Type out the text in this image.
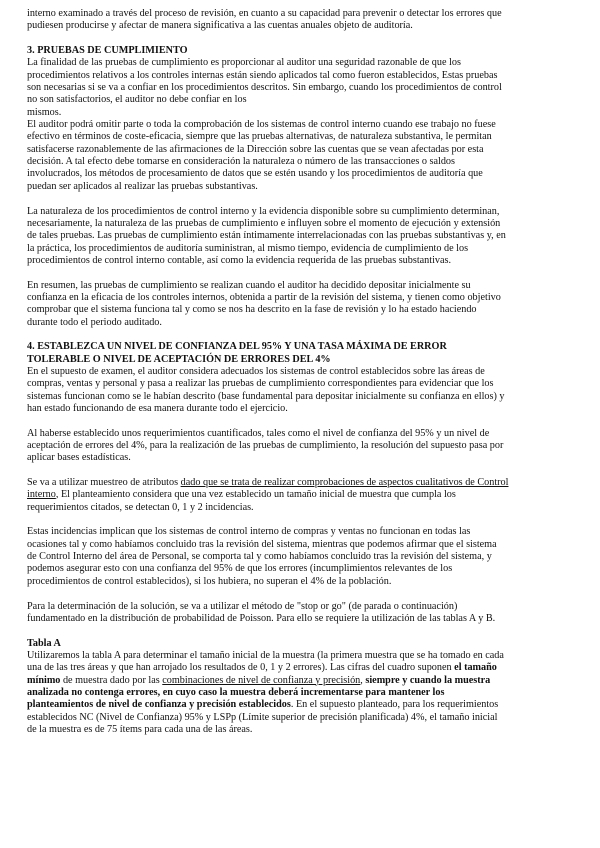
interno examinado a través del proceso de revisión, en cuanto a su capacidad para prevenir o detectar los errores que

pudiesen producirse y afectar de manera significativa a las cuentas anuales objeto de auditoría.

3. PRUEBAS DE CUMPLIMIENTO

La finalidad de las pruebas de cumplimiento es proporcionar al auditor una seguridad razonable de que los

procedimientos relativos a los controles internas están siendo aplicados tal como fueron establecidos, Estas pruebas

son necesarias si se va a confiar en los procedimientos descritos. Sin embargo, cuando los procedimientos de control

no son satisfactorios, el auditor no debe confiar en los

mismos.

El auditor podrá omitir parte o toda la comprobación de los sistemas de control interno cuando ese trabajo no fuese

efectivo en términos de coste-eficacia, siempre que las pruebas alternativas, de naturaleza substantiva, le permitan

satisfacerse razonablemente de las afirmaciones de la Dirección sobre las cuentas que se vean afectadas por esta

decisión. A tal efecto debe tomarse en consideración la naturaleza o número de las transacciones o saldos

involucrados, los métodos de procesamiento de datos que se estén usando y los procedimientos de auditoría que

puedan ser aplicados al realizar las pruebas substantivas.

La naturaleza de los procedimientos de control interno y la evidencia disponible sobre su cumplimiento determinan,

necesariamente, la naturaleza de las pruebas de cumplimiento e influyen sobre el momento de ejecución y extensión

de tales pruebas. Las pruebas de cumplimiento están íntimamente interrelacionadas con las pruebas substantivas y, en

la práctica, los procedimientos de auditoría suministran, al mismo tiempo, evidencia de cumplimiento de los

procedimientos de control interno contable, así como la evidencia requerida de las pruebas substantivas.

En resumen, las pruebas de cumplimiento se realizan cuando el auditor ha decidido depositar inicialmente su

confianza en la eficacia de los controles internos, obtenida a partir de la revisión del sistema, y tienen como objetivo

comprobar que el sistema funciona tal y como se nos ha descrito en la fase de revisión y lo ha estado haciendo

durante todo el periodo auditado.

4. ESTABLEZCA UN NIVEL DE CONFIANZA DEL 95% Y UNA TASA MÁXIMA DE ERROR

TOLERABLE O NIVEL DE ACEPTACIÓN DE ERRORES DEL 4%

En el supuesto de examen, el auditor considera adecuados los sistemas de control establecidos sobre las áreas de

compras, ventas y personal y pasa a realizar las pruebas de cumplimiento correspondientes para evidenciar que los

sistemas funcionan como se le habían descrito (base fundamental para depositar inicialmente su confianza en ellos) y

han estado funcionando de esa manera durante todo el ejercicio.

Al haberse establecido unos requerimientos cuantificados, tales como el nivel de confianza del 95% y un nivel de

aceptación de errores del 4%, para la realización de las pruebas de cumplimiento, la resolución del supuesto pasa por

aplicar bases estadísticas.

Se va a utilizar muestreo de atributos dado que se trata de realizar comprobaciones de aspectos cualitativos de Control

interno, El planteamiento considera que una vez establecido un tamaño inicial de muestra que cumpla los

requerimientos citados, se detectan 0, 1 y 2 incidencias.

Estas incidencias implican que los sistemas de control interno de compras y ventas no funcionan en todas las

ocasiones tal y como habíamos concluido tras la revisión del sistema, mientras que podemos afirmar que el sistema

de Control Interno del área de Personal, se comporta tal y como habíamos concluido tras la revisión del sistema, y

podemos asegurar esto con una confianza del 95% de que los errores (incumplimientos relevantes de los

procedimientos de control establecidos), si los hubiera, no superan el 4% de la población.

Para la determinación de la solución, se va a utilizar el método de "stop or go" (de parada o continuación)

fundamentado en la distribución de probabilidad de Poisson. Para ello se requiere la utilización de las tablas A y B.

Tabla A

Utilizaremos la tabla A para determinar el tamaño inicial de la muestra (la primera muestra que se ha tomado en cada

una de las tres áreas y que han arrojado los resultados de 0, 1 y 2 errores). Las cifras del cuadro suponen el tamaño

mínimo de muestra dado por las combinaciones de nivel de confianza y precisión, siempre y cuando la muestra

analizada no contenga errores, en cuyo caso la muestra deberá incrementarse para mantener los

planteamientos de nivel de confianza y precisión establecidos. En el supuesto planteado, para los requerimientos

establecidos NC (Nivel de Confianza) 95% y LSPp (Límite superior de precisión planificada) 4%, el tamaño inicial

de la muestra es de 75 ítems para cada una de las áreas.
